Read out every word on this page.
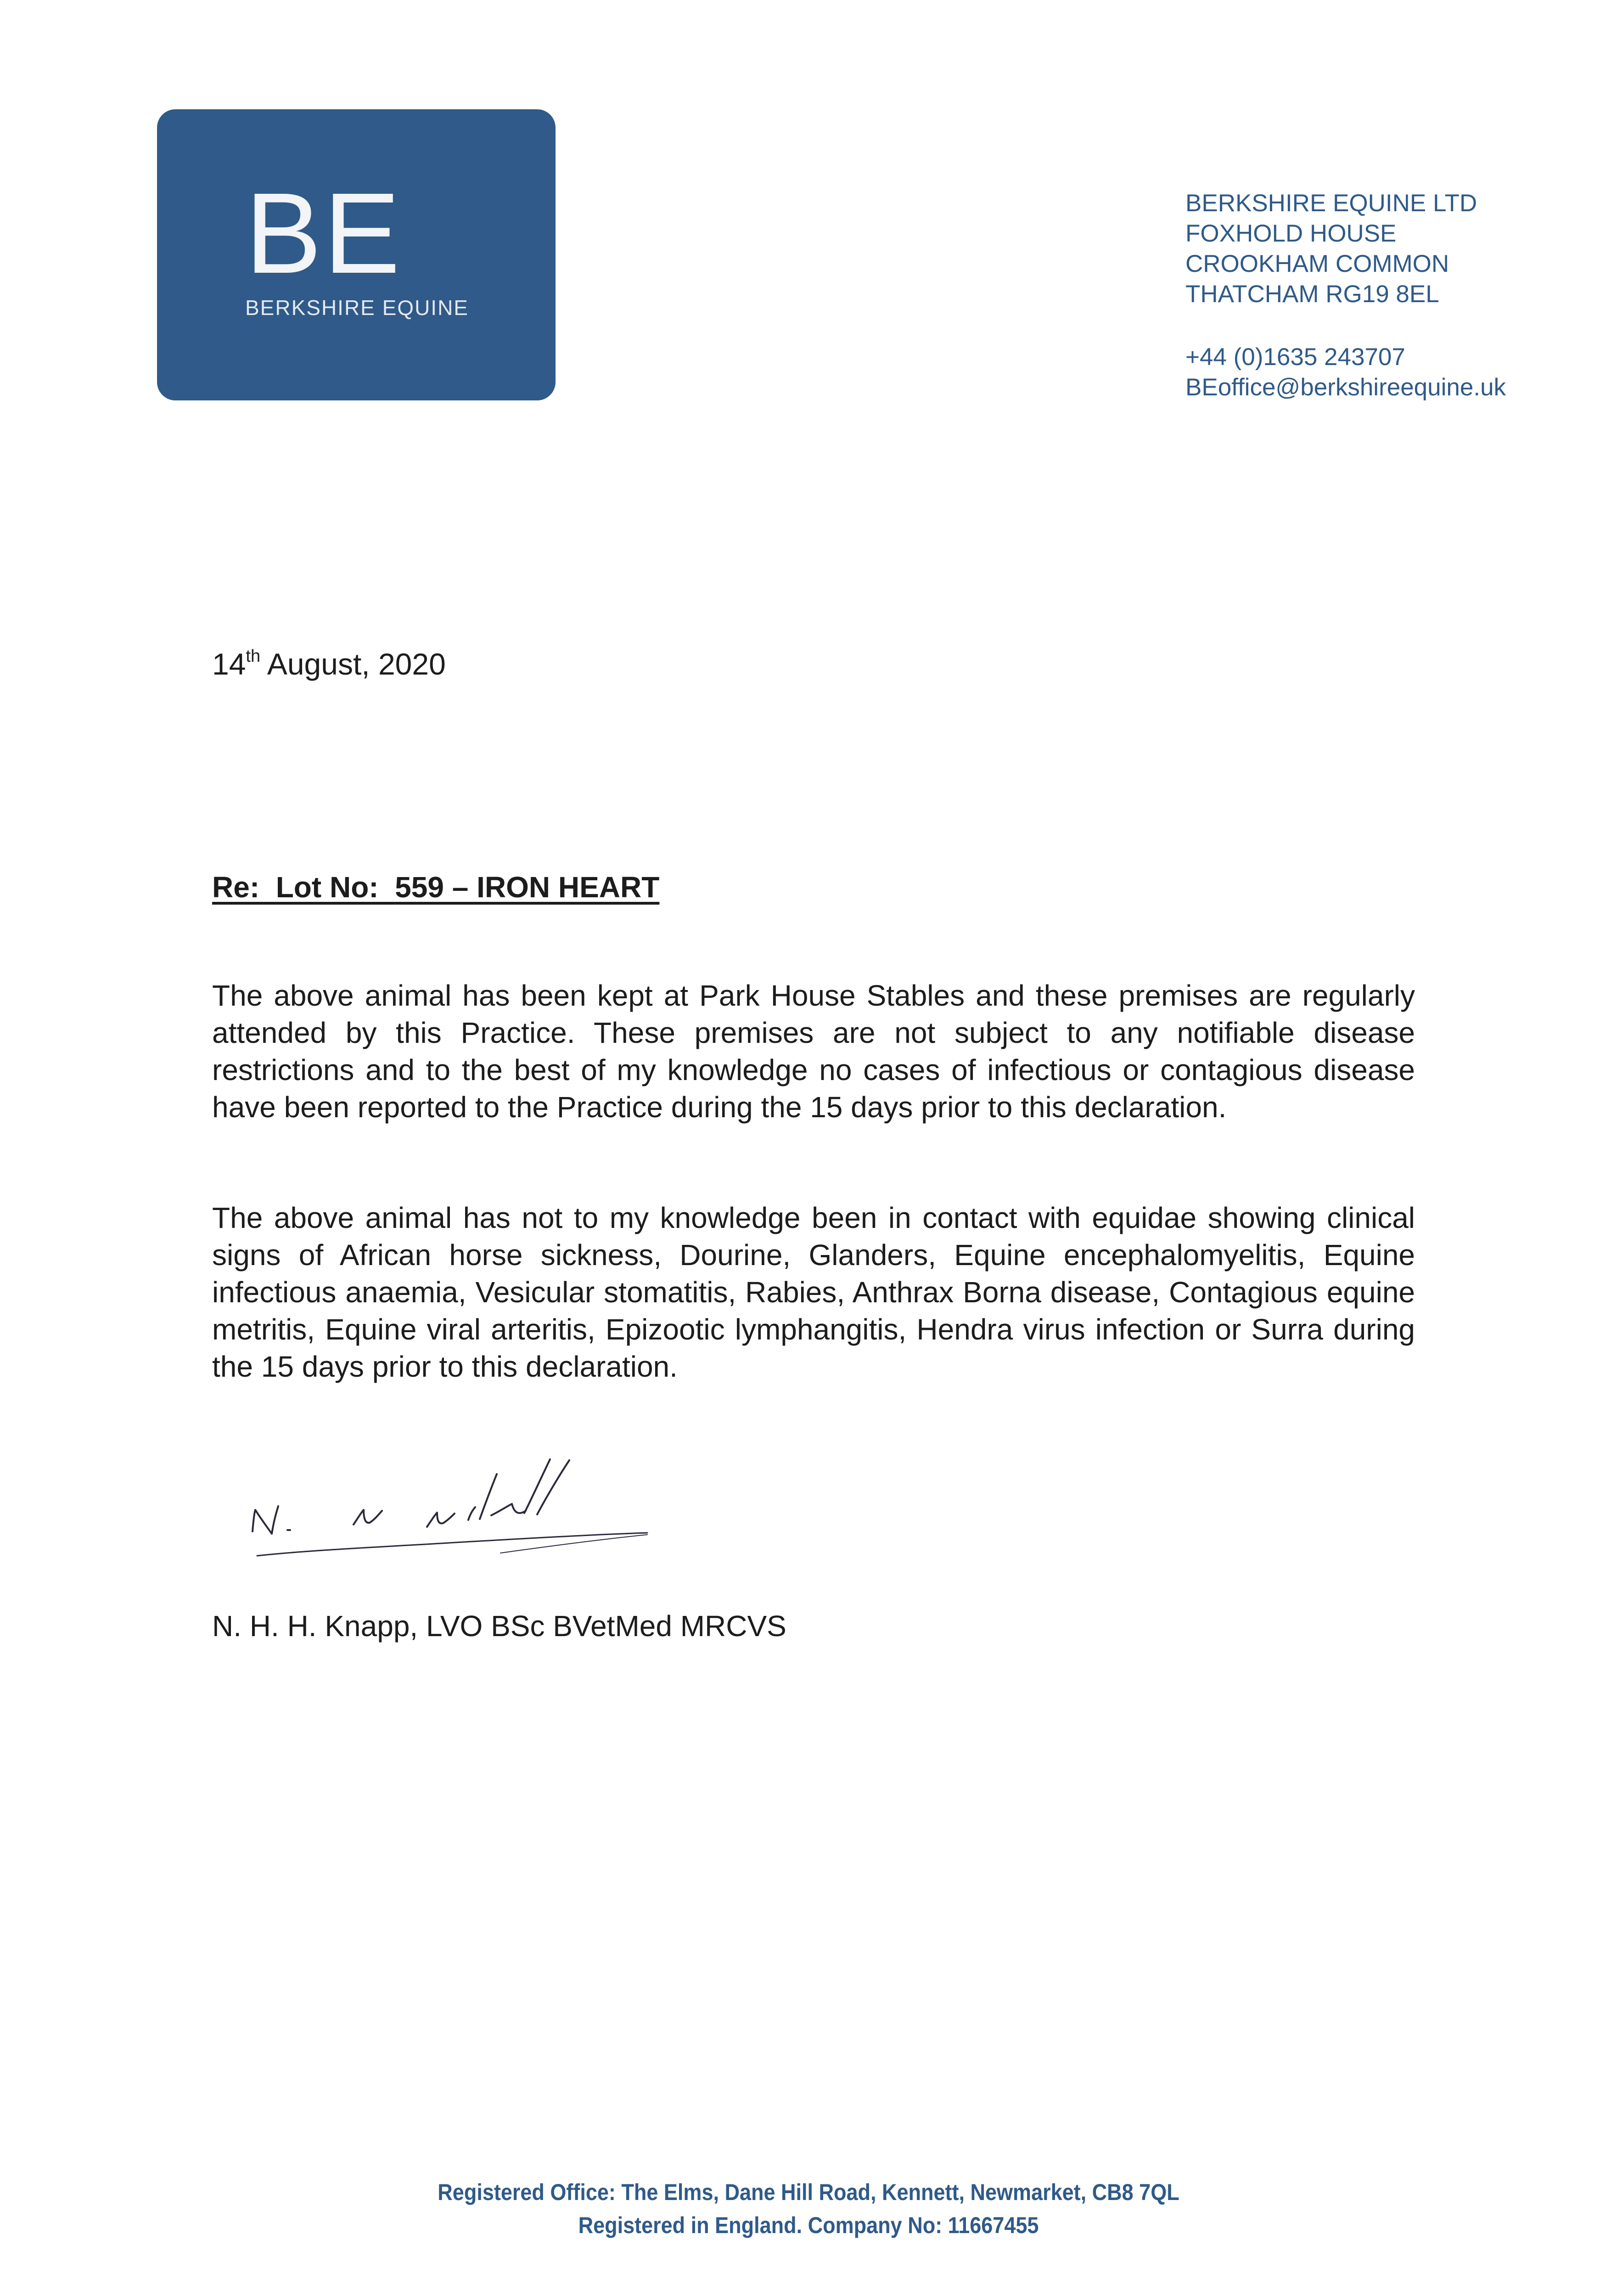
BE
BERKSHIRE EQUINE
BERKSHIRE EQUINE LTD
FOXHOLD HOUSE
CROOKHAM COMMON
THATCHAM RG19 8EL
+44 (0)1635 243707
BEoffice@berkshireequine.uk
14th August, 2020
Re:  Lot No:  559 – IRON HEART
The above animal has been kept at Park House Stables and these premises are regularly attended by this Practice. These premises are not subject to any notifiable disease restrictions and to the best of my knowledge no cases of infectious or contagious disease have been reported to the Practice during the 15 days prior to this declaration.
The above animal has not to my knowledge been in contact with equidae showing clinical signs of African horse sickness, Dourine, Glanders, Equine encephalomyelitis, Equine infectious anaemia, Vesicular stomatitis, Rabies, Anthrax Borna disease, Contagious equine metritis, Equine viral arteritis, Epizootic lymphangitis, Hendra virus infection or Surra during the 15 days prior to this declaration.
N. H. H. Knapp, LVO BSc BVetMed MRCVS
Registered Office: The Elms, Dane Hill Road, Kennett, Newmarket, CB8 7QL
Registered in England. Company No: 11667455
